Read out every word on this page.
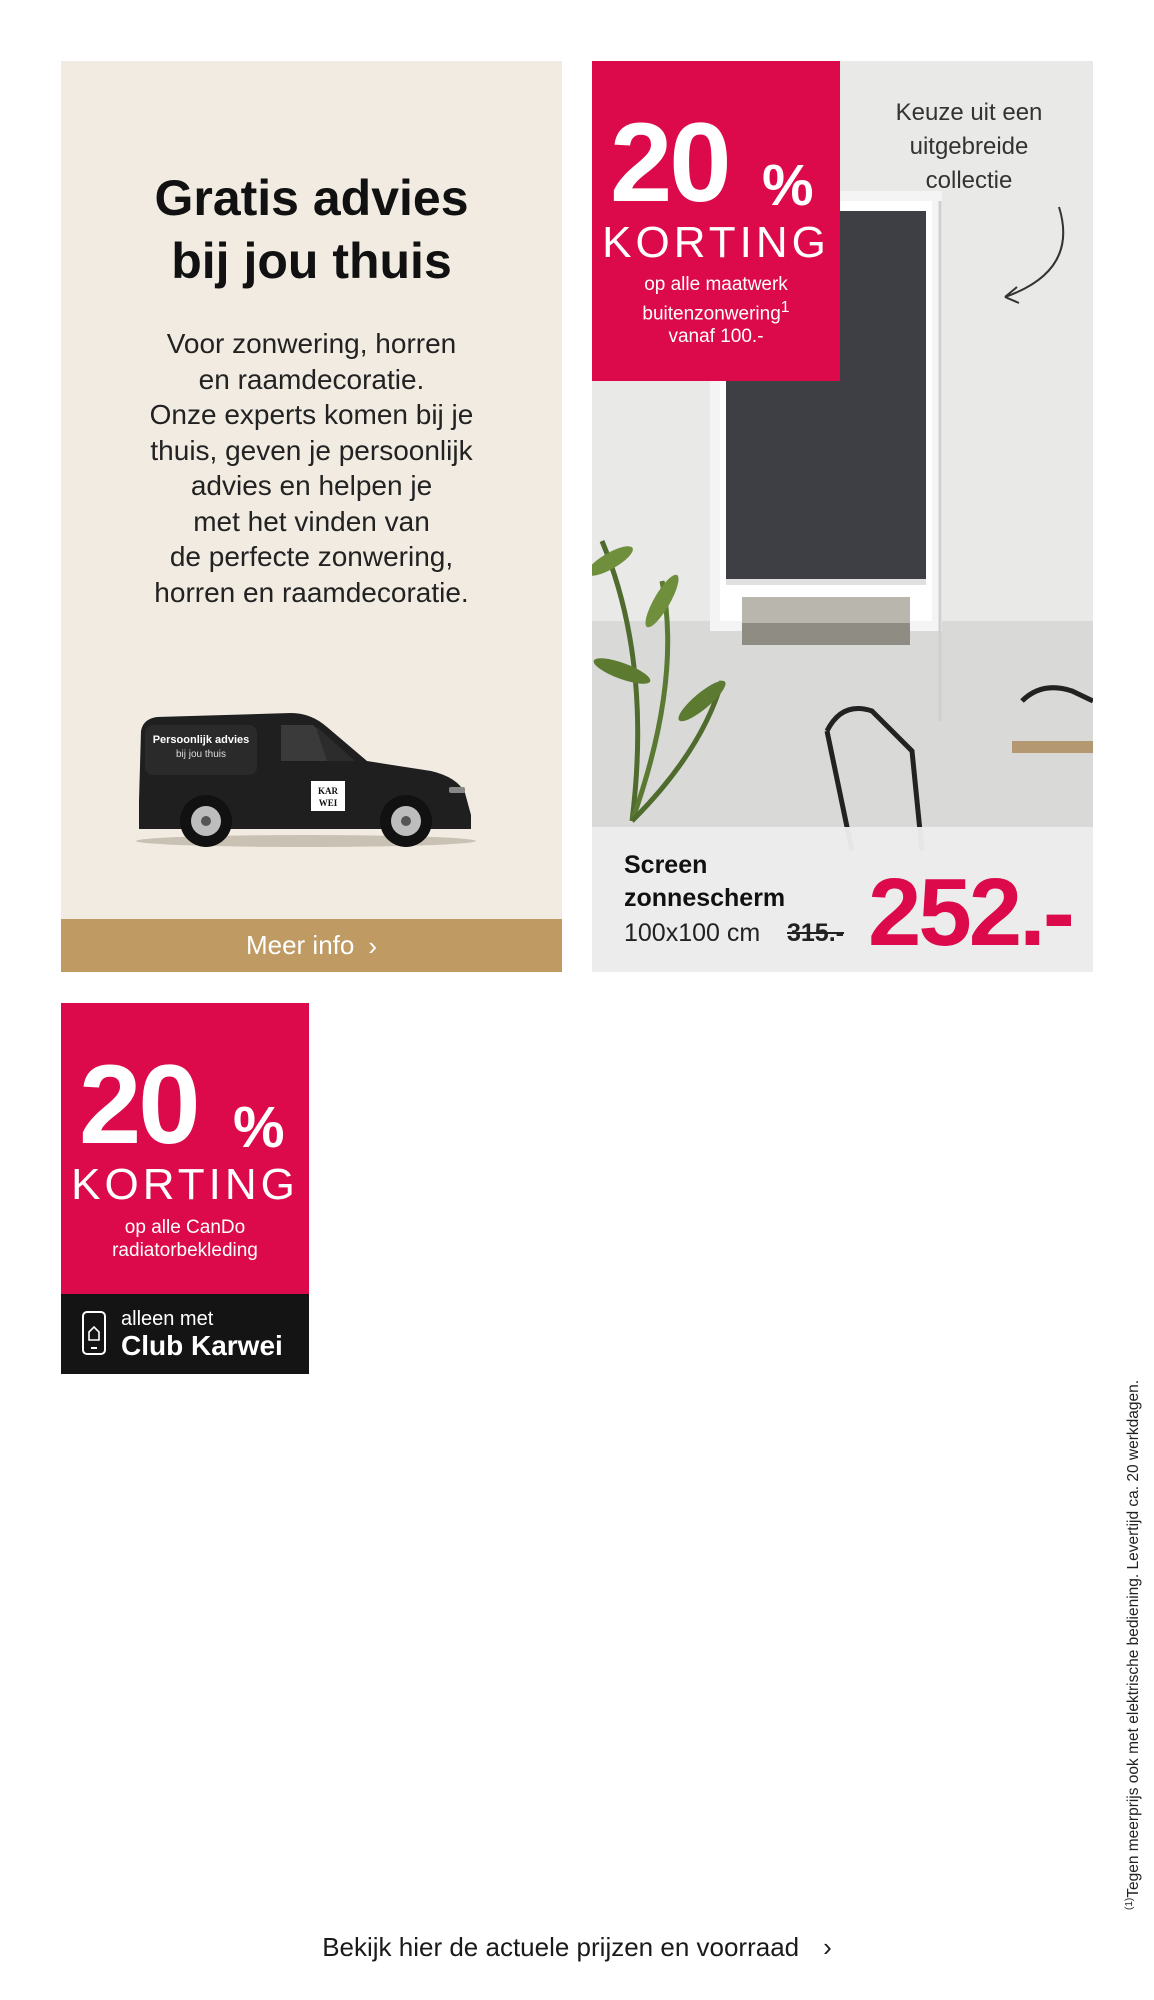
Gratis advies
bij jou thuis
Voor zonwering, horren
en raamdecoratie.
Onze experts komen bij je
thuis, geven je persoonlijk
advies en helpen je
met het vinden van
de perfecte zonwering,
horren en raamdecoratie.
Persoonlijk advies
bij jou thuis
KAR
WEI
Meer info ›
Keuze uit een
uitgebreide
collectie
20 %
KORTING
op alle maatwerk
buitenzonwering$^1$
vanaf 100.-
Screen
zonnescherm
100x100 cm 315.- 252.-
20 %
KORTING
op alle CanDo
radiatorbekleding
alleen met
Club Karwei
$^{(1)}$Tegen meerprijs ook met elektrische bediening. Levertijd ca. 20 werkdagen.
Bekijk hier de actuele prijzen en voorraad ›
